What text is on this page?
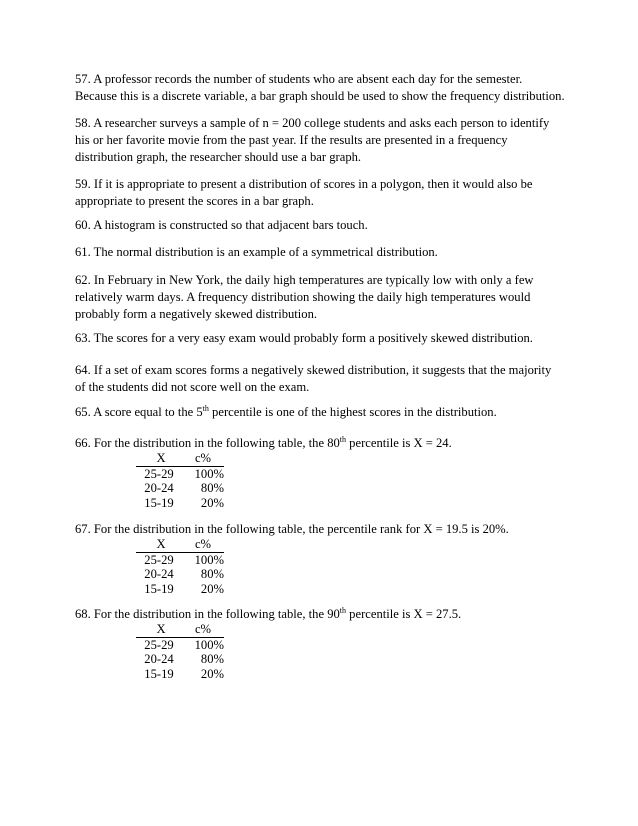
57. A professor records the number of students who are absent each day for the semester.
Because this is a discrete variable, a bar graph should be used to show the frequency distribution.

58. A researcher surveys a sample of n = 200 college students and asks each person to identify
his or her favorite movie from the past year. If the results are presented in a frequency
distribution graph, the researcher should use a bar graph.

59. If it is appropriate to present a distribution of scores in a polygon, then it would also be
appropriate to present the scores in a bar graph.

60. A histogram is constructed so that adjacent bars touch.

61. The normal distribution is an example of a symmetrical distribution.

62. In February in New York, the daily high temperatures are typically low with only a few
relatively warm days. A frequency distribution showing the daily high temperatures would
probably form a negatively skewed distribution.

63. The scores for a very easy exam would probably form a positively skewed distribution.

64. If a set of exam scores forms a negatively skewed distribution, it suggests that the majority
of the students did not score well on the exam.

65. A score equal to the 5th percentile is one of the highest scores in the distribution.

66. For the distribution in the following table, the 80th percentile is X = 24.

X	c%
25-29	100%
20-24	80%
15-19	20%

67. For the distribution in the following table, the percentile rank for X = 19.5 is 20%.

X	c%
25-29	100%
20-24	80%
15-19	20%

68. For the distribution in the following table, the 90th percentile is X = 27.5.

X	c%
25-29	100%
20-24	80%
15-19	20%
